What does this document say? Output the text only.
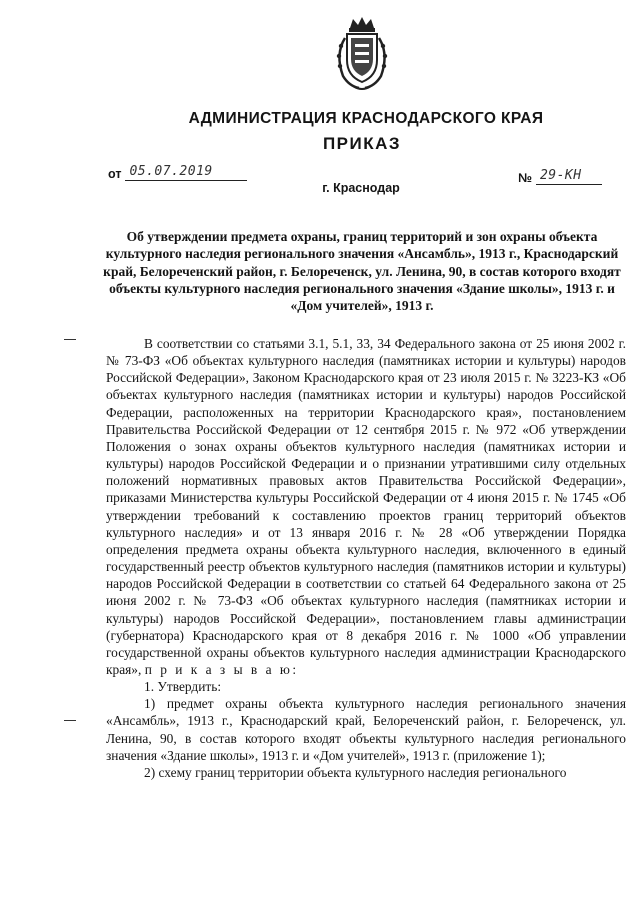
АДМИНИСТРАЦИЯ КРАСНОДАРСКОГО КРАЯ
ПРИКАЗ
от 05.07.2019	№ 29-КН
г. Краснодар
Об утверждении предмета охраны, границ территорий и зон охраны объекта культурного наследия регионального значения «Ансамбль», 1913 г., Краснодарский край, Белореченский район, г. Белореченск, ул. Ленина, 90, в состав которого входят объекты культурного наследия регионального значения «Здание школы», 1913 г. и «Дом учителей», 1913 г.

В соответствии со статьями 3.1, 5.1, 33, 34 Федерального закона от 25 июня 2002 г. № 73-ФЗ «Об объектах культурного наследия (памятниках истории и культуры) народов Российской Федерации», Законом Краснодарского края от 23 июля 2015 г. № 3223-КЗ «Об объектах культурного наследия (памятниках истории и культуры) народов Российской Федерации, расположенных на территории Краснодарского края», постановлением Правительства Российской Федерации от 12 сентября 2015 г. № 972 «Об утверждении Положения о зонах охраны объектов культурного наследия (памятниках истории и культуры) народов Российской Федерации и о признании утратившими силу отдельных положений нормативных правовых актов Правительства Российской Федерации», приказами Министерства культуры Российской Федерации от 4 июня 2015 г. № 1745 «Об утверждении требований к составлению проектов границ территорий объектов культурного наследия» и от 13 января 2016 г. № 28 «Об утверждении Порядка определения предмета охраны объекта культурного наследия, включенного в единый государственный реестр объектов культурного наследия (памятников истории и культуры) народов Российской Федерации в соответствии со статьей 64 Федерального закона от 25 июня 2002 г. № 73-ФЗ «Об объектах культурного наследия (памятниках истории и культуры) народов Российской Федерации», постановлением главы администрации (губернатора) Краснодарского края от 8 декабря 2016 г. № 1000 «Об управлении государственной охраны объектов культурного наследия администрации Краснодарского края», п р и к а з ы в а ю:

1. Утвердить:

1) предмет охраны объекта культурного наследия регионального значения «Ансамбль», 1913 г., Краснодарский край, Белореченский район, г. Белореченск, ул. Ленина, 90, в состав которого входят объекты культурного наследия регионального значения «Здание школы», 1913 г. и «Дом учителей», 1913 г. (приложение 1);

2) схему границ территории объекта культурного наследия регионального
